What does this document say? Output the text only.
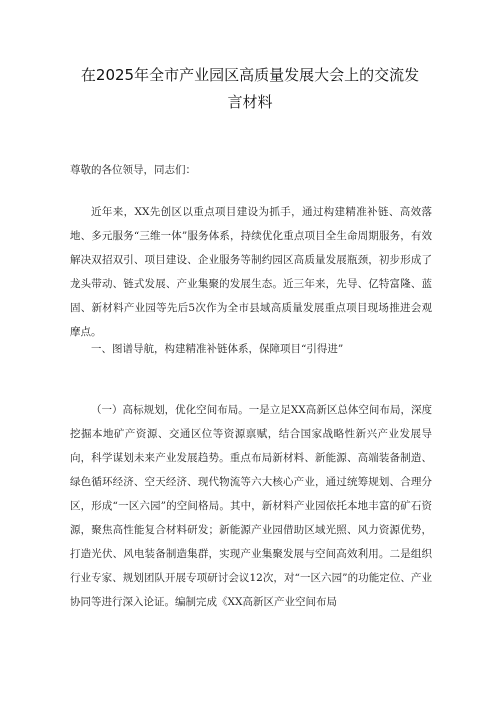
在2025年全市产业园区高质量发展大会上的交流发
言材料
尊敬的各位领导，同志们：
近年来，XX先创区以重点项目建设为抓手，通过构建精准补链、高效落地、多元服务“三维一体”服务体系，持续优化重点项目全生命周期服务，有效解决双招双引、项目建设、企业服务等制约园区高质量发展瓶颈，初步形成了龙头带动、链式发展、产业集聚的发展生态。近三年来，先导、亿特富隆、蓝固、新材料产业园等先后5次作为全市县域高质量发展重点项目现场推进会观摩点。
一、图谱导航，构建精准补链体系，保障项目“引得进”
（一）高标规划，优化空间布局。一是立足XX高新区总体空间布局，深度挖掘本地矿产资源、交通区位等资源禀赋，结合国家战略性新兴产业发展导向，科学谋划未来产业发展趋势。重点布局新材料、新能源、高端装备制造、绿色循环经济、空天经济、现代物流等六大核心产业，通过统筹规划、合理分区，形成“一区六园”的空间格局。其中，新材料产业园依托本地丰富的矿石资源，聚焦高性能复合材料研发；新能源产业园借助区域光照、风力资源优势，打造光伏、风电装备制造集群，实现产业集聚发展与空间高效利用。二是组织行业专家、规划团队开展专项研讨会议12次，对“一区六园”的功能定位、产业协同等进行深入论证。编制完成《XX高新区产业空间布局
